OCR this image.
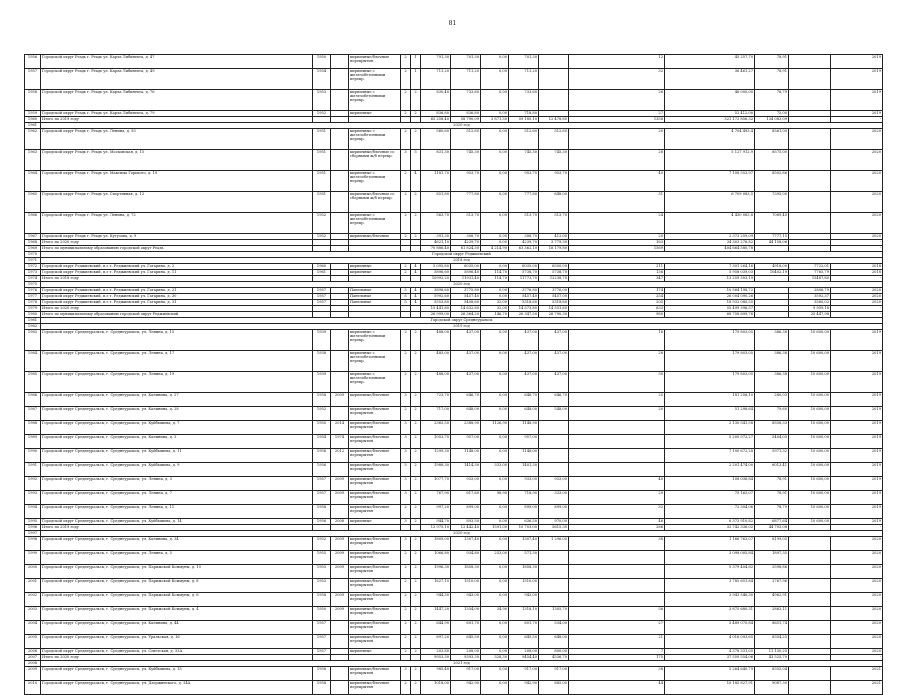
81
1956	Городской округ Реадь г. Реадь ул. Карла Либкнехта, д. 47	1950		кирпичные/блочные перекрытия	2	1	791,30	701,30	0,00	701,30		12	45 257,70	78,91		2019
1957	Городской округ Реадь г. Реадь ул. Карла Либкнехта, д. 49	1954		кирпичные с железобетонными перекр.	2	1	711,20	711,20	0,00	711,20		32	36 461,27	78,91		2019
1958	Городской округ Реадь г. Реадь ул. Карла Либкнехта, д. 76	1953		кирпичные с железобетонными перекр.	2	2	830,40	733,60	0,00	733,60		26	46 000,00	78,79		2019
1959	Городской округ Реадь г. Реадь ул. Карла Либкнехта, д. 79	1952		кирпичные	2	2	836,80	836,80	0,00	718,80		27	52 412,00	75,00		2019
1960	Итого по 2019 году						65 258,40	58 790,09	3 871,30	59 185,10	12 478,80	1358	321 172 856,32	134 083,09		-
1961	2020 год															
1962	Городской округ Реадь г. Реадь ул. Ленина, д. 93	1951		кирпичные с железобетонными перекр.	2	2	560,60	512,60	0,00	512,60	512,60	20	4 704 493,4	8561,00		2020
1963	Городской округ Реадь г. Реадь ул. Московская, д. 15	1951		кирпичные/блочные со сборными ж/б перекр.	3	5	831,30	745,30	0,00	745,30	745,30	28	5 127 912,9	8575,00		2020
1964	Городской округ Реадь г. Реадь ул. Максима Горького, д. 19	1951		кирпичные с железобетонными перекр.	2	4	1181,70	953,70	0,00	953,70	953,70	40	7 108 553,97	8502,86		2020
1965	Городской округ Реадь г. Реадь ул. Спортивная, д. 13	1951		кирпичные/блочные со сборными ж/б перекр.	2	2	851,80	777,80	0,00	777,80	648,00	31	6 709 083,5	7395,00		2020
1966	Городской округ Реадь г. Реадь ул. Ленина, д. 72	1952		кирпичные с железобетонными перекр.	2	2	563,70	513,70	0,00	513,70	513,70	24	4 430 083,8	7089,45		2020
1967	Городской округ Реадь г. Реадь ул. Кутузова, д. 9	1952		кирпичные/блочные	2	2	391,30	306,70	0,00	306,70	412,00	20	2 373 259,09	7777,15		2020
1968	Итого по 2020 году						4621,10	4239,70	0,00	4239,70	3 779,30	163	34 303 276,82	44 158,06		-
1969	Итого по муниципальному образованию городской округ Реадь						70 886,40	61 824,30	4 214,90	63 362,10	16 179,80	1569	404 664 580,78			-
1970	Городской округ Реджиевский															
1971	2018 год															
1972	Городской округ Реджиевский, п.г.т. Реджиевский ул. Гагарина, д. 2	1960		кирпичные	2	4	5 095,80	6035,00	0,00	6035,00	6500,00	211	7 301 264,16	4918,00	7722,01	2018
1973	Городской округ Реджиевский, п.г.т. Реджиевский ул. Гагарина, д. 11	1961		кирпичные	2	4	5896,60	5896,40	114,70	5738,70	5738,70	136	5 958 039,03	10402,19	7765,79	2018
1974	Итого по 2018 году						10992,20	11931,40	114,70	11773,70	12238,70	347	13 259 303,19		15487,80	-
1975	2020 год															
1976	Городской округ Реджиевский, п.г.т. Реджиевский ул. Гагарина, д. 21	1957		Панельные	5	4	3896,60	3775,80	0,00	3776,80	3776,00	174	10 564 198,72		2806,79	2020
1977	Городской округ Реджиевский, п.г.т. Реджиевский ул. Гагарина, д. 30	1957		Панельные	5	4	5992,60	5457,40	0,00	5457,40	5457,00	254	26 004 090,26		3592,37	2020
1978	Городской округ Реджиевский, п.г.т. Реджиевский ул. Гагарина, д. 31	1957		Панельные	5	4	5553,80	5408,60	32,00	5318,60	5318,60	205	18 932 080,55		3560,02	2020
1979	Итого по 2020 году						15 441,80	14 632,80	32,00	14 573,80	14 551,60	633	55 499 396,57		9 959,18	-
1980	Итого по муниципальному образованию городской округ Реджиевский						26 999,00	26 364,20	146,70	26 347,50	26 790,30	980	68 758 699,76		25 447,98	-
1981	Городской округ Среднеуральск															
1982	2019 год															
1983	Городской округ Среднеуральск, г. Среднеуральск, ул. Ленина, д. 15	1939		кирпичные с железобетонными перекр.	2	2	488,00	437,00	0,00	437,00	437,00	16	179 803,05	386,38	10 600,00	2019
1984	Городской округ Среднеуральск, г. Среднеуральск, ул. Ленина, д. 17	1938		кирпичные с железобетонными перекр.	2	2	485,00	437,00	0,00	437,00	437,00	28	179 803,05	386,38	10 600,00	2019
1985	Городской округ Среднеуральск, г. Среднеуральск, ул. Ленина, д. 19	1939		кирпичные с железобетонными перекр.	2	2	488,00	437,00	0,00	437,00	437,00	30	179 803,05	386,38	10 600,00	2019
1986	Городской округ Среднеуральск, г. Среднеуральск, ул. Калинина, д. 27	1958	2009	кирпичные/блочные	3	2	723,70	646,70	0,00	646,70	646,70	25	181 256,10	280,03	10 600,00	2019
1987	Городской округ Среднеуральск, г. Среднеуральск, ул. Калинина, д. 28	1952		кирпичные/блочные перекрытия	2	2	717,00	648,00	0,00	648,00	548,00	20	51 298,64	79,60	10 600,00	2019
1988	Городской округ Среднеуральск, г. Среднеуральск, ул. Куйбышева, д. 7	1950	2014	кирпичные/блочные перекрытия	3	2	2365,50	2388,90	1126,90	1148,90			2 130 541,58	8558,33	10 600,00	2019
1989	Городской округ Среднеуральск, г. Среднеуральск, ул. Калинина, д. 3	1954	1974	кирпичные/блочные перекрытия	3	2	1053,70	957,00	0,00	957,00			5 200 972,27	5404,05	10 600,00	2019
1990	Городской округ Среднеуральск, г. Среднеуральск, ул. Куйбышева, д. 11	1956	2012	кирпичные/блочные перекрытия	3	2	1299,30	1148,00	0,00	1148,00			7 100 672,28	5971,32	10 600,00	2019
1991	Городской округ Среднеуральск, г. Среднеуральск, ул. Куйбышева, д. 9	1956		кирпичные/блочные перекрытия	3	2	1988,30	1414,30	333,00	1401,30			2 201 474,00	6013,41	10 600,00	2019
1992	Городской округ Среднеуральск, г. Среднеуральск, ул. Ленина, д. 3	1957	2009	кирпичные/блочные перекрытия	3	2	1077,70	933,00	0,00	933,00	933,00	40	108 036,84	78,91	10 600,00	2019
1993	Городской округ Среднеуральск, г. Среднеуральск, ул. Ленина, д. 7	1957	2009	кирпичные/блочные перекрытия	3	2	767,90	617,60	98,90	718,90	333,00	29	75 163,07	78,91	10 600,00	2019
1994	Городской округ Среднеуральск, г. Среднеуральск, ул. Ленина, д. 11	1958		кирпичные/блочные перекрытия	2	2	997,20	899,00	0,00	899,00	899,00	32	72 304,06	78,79	10 600,00	2019
1995	Городской округ Среднеуральск, г. Среднеуральск, ул. Куйбышева, д. 14	1956	2008	кирпичные	3	2	944,70	893,50	0,00	636,50	970,00	46	6 373 910,82	6877,64	10 600,00	2019
1996	Итого по 2019 году						13 975,10	12 442,40	1591,00	10 703,00	5615,30	286	32 742 336,02	44 703,08		-
1997	2020 год															
1998	Городской округ Среднеуральск, г. Среднеуральск, ул. Калинина, д. 34	1952	2009	кирпичные/блочные перекрытия	3	2	1809,00	1307,40	0,00	1307,40	1 296,00	38	1 166 763,07	8199,05		2020
1999	Городской округ Среднеуральск, г. Среднеуральск, ул. Ленина, д. 5	1955	2009	кирпичные/блочные перекрытия	2	2	1066,80	934,80	253,00	571,30			3 098 005,84	1897,35		2020
2000	Городской округ Среднеуральск, г. Среднеуральск, ул. Парижской Коммуны, д. 10	1953	2009	кирпичные/блочные перекрытия	2	2	1996,30	1858,30	0,00	1858,30			5 379 404,82	2598,86		2020
2001	Городской округ Среднеуральск, г. Среднеуральск, ул. Парижской Коммуны, д. 8	1953		кирпичные/блочные перекрытия	2	2	1627,10	1510,00	0,00	1510,00			3 785 651,84	2767,96		2020
2002	Городской округ Среднеуральск, г. Среднеуральск, ул. Парижской Коммуны, д. 6	1958	2009	кирпичные/блочные перекрытия	2	2	944,30	943,00	0,00	943,00			3 943 546,30	4962,91		2020
2003	Городской округ Среднеуральск, г. Среднеуральск, ул. Парижской Коммуны, д. 4	1950	2009	кирпичные/блочные перекрытия	2	2	1447,20	1354,00	34,90	1318,10	1305,70	56	3 875 680,31	2863,11		2020
2004	Городской округ Среднеуральск, г. Среднеуральск, ул. Калинина, д. 44	1957		кирпичные/блочные перекрытия	2	2	644,90	601,70	0,00	601,70	534,00	27	5 489 070,84	8651,74		2020
2005	Городской округ Среднеуральск, г. Среднеуральск, ул. Уральская, д. 16	1957		кирпичные/блочные перекрытия	2	2	697,20	645,50	0,00	645,50	648,00	21	4 016 093,65	8354,25		2020
2006	Городской округ Среднеуральск, г. Среднеуральск, ул. Советская, д. 33А	1957		кирпичные	2	2	203,80	208,00	0,00	208,00	800,00	7	4 378 331,05	11 130,25		2020
2007	Итого по 2020 году						9953,30	9393,30	328,30	9454,40	4536,70	175	37 559 554,06	43 525,70		-
2008	2021 год															
2009	Городской округ Среднеуральск, г. Среднеуральск, ул. Куйбышева, д. 15	1958		кирпичные/блочные перекрытия	3	2	985,40	917,00	0,00	917,00	917,00	38	5 264 640,79	8355,04		2021
2010	Городской округ Среднеуральск, г. Среднеуральск, ул. Дзержинского, д. 14А	1958		кирпичные/блочные перекрытия	2	2	1018,00	942,90	0,00	942,90	685,00	44	10 185 827,91	9087,30		2021
